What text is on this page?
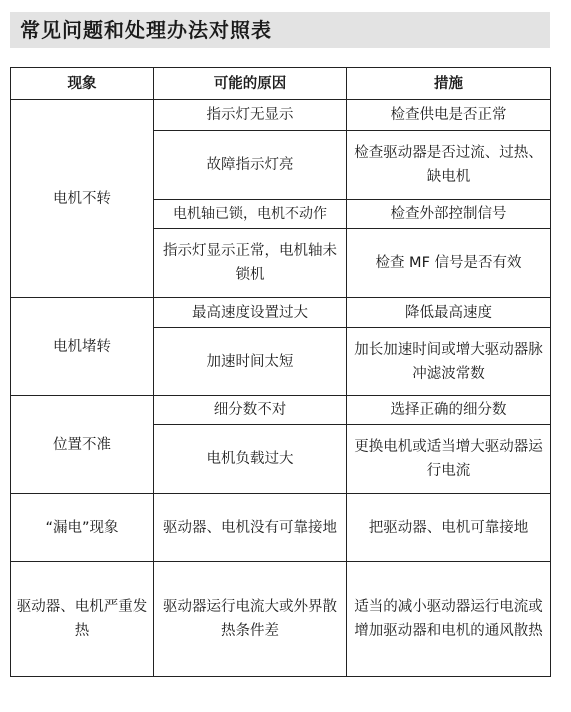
常见问题和处理办法对照表
现象	可能的原因	措施
电机不转	指示灯无显示	检查供电是否正常
	故障指示灯亮	检查驱动器是否过流、过热、缺电机
	电机轴已锁，电机不动作	检查外部控制信号
	指示灯显示正常，电机轴未锁机	检查 MF 信号是否有效
电机堵转	最高速度设置过大	降低最高速度
	加速时间太短	加长加速时间或增大驱动器脉冲滤波常数
位置不准	细分数不对	选择正确的细分数
	电机负载过大	更换电机或适当增大驱动器运行电流
“漏电”现象	驱动器、电机没有可靠接地	把驱动器、电机可靠接地
驱动器、电机严重发热	驱动器运行电流大或外界散热条件差	适当的减小驱动器运行电流或增加驱动器和电机的通风散热
